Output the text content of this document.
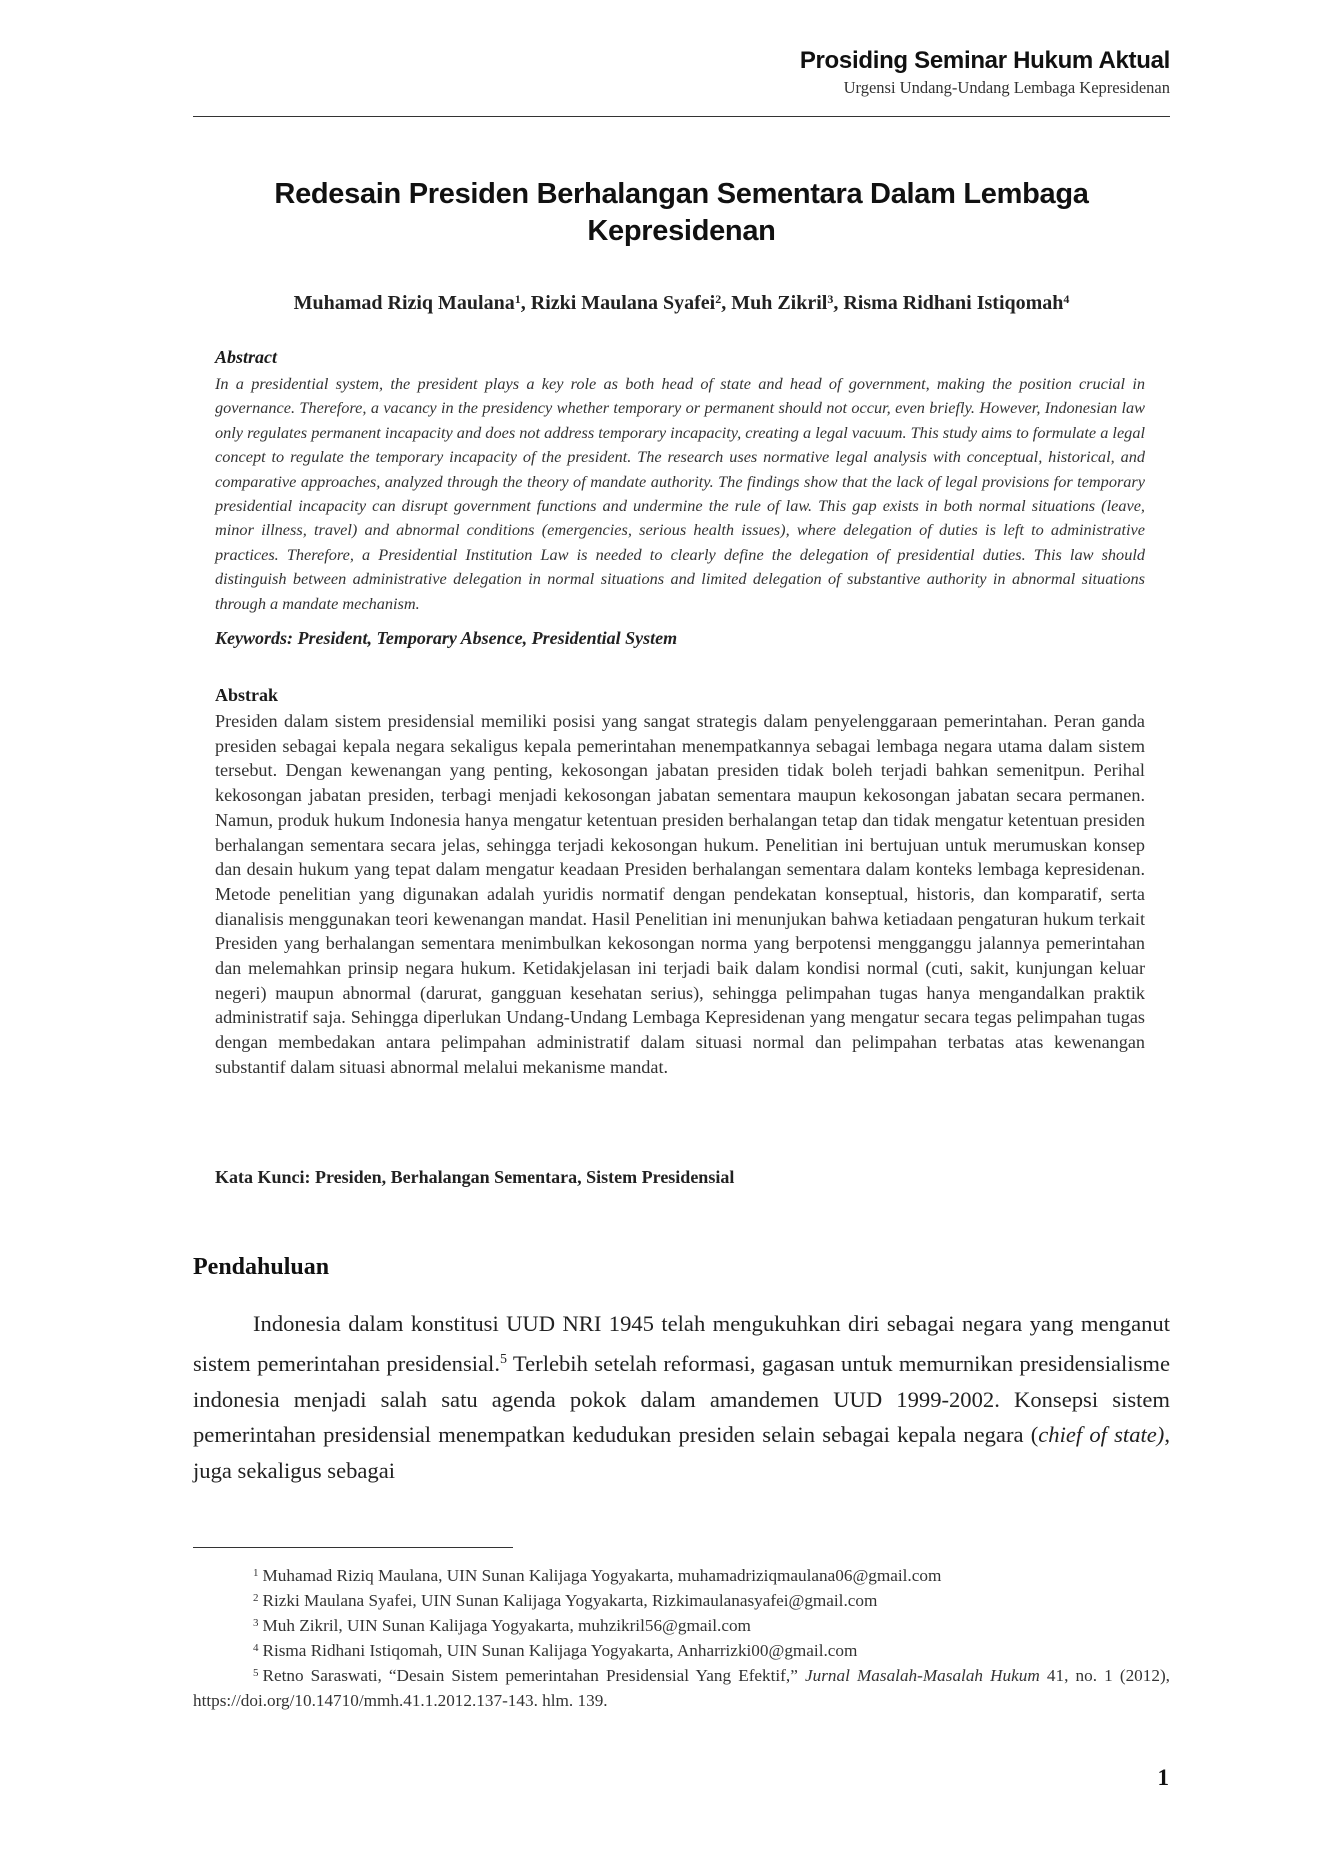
Prosiding Seminar Hukum Aktual
Urgensi Undang-Undang Lembaga Kepresidenan
Redesain Presiden Berhalangan Sementara Dalam Lembaga Kepresidenan
Muhamad Riziq Maulana$^1$, Rizki Maulana Syafei$^2$, Muh Zikril$^3$, Risma Ridhani Istiqomah$^4$
Abstract
In a presidential system, the president plays a key role as both head of state and head of government, making the position crucial in governance. Therefore, a vacancy in the presidency whether temporary or permanent should not occur, even briefly. However, Indonesian law only regulates permanent incapacity and does not address temporary incapacity, creating a legal vacuum. This study aims to formulate a legal concept to regulate the temporary incapacity of the president. The research uses normative legal analysis with conceptual, historical, and comparative approaches, analyzed through the theory of mandate authority. The findings show that the lack of legal provisions for temporary presidential incapacity can disrupt government functions and undermine the rule of law. This gap exists in both normal situations (leave, minor illness, travel) and abnormal conditions (emergencies, serious health issues), where delegation of duties is left to administrative practices. Therefore, a Presidential Institution Law is needed to clearly define the delegation of presidential duties. This law should distinguish between administrative delegation in normal situations and limited delegation of substantive authority in abnormal situations through a mandate mechanism.
Keywords: President, Temporary Absence, Presidential System
Abstrak
Presiden dalam sistem presidensial memiliki posisi yang sangat strategis dalam penyelenggaraan pemerintahan. Peran ganda presiden sebagai kepala negara sekaligus kepala pemerintahan menempatkannya sebagai lembaga negara utama dalam sistem tersebut. Dengan kewenangan yang penting, kekosongan jabatan presiden tidak boleh terjadi bahkan semenitpun. Perihal kekosongan jabatan presiden, terbagi menjadi kekosongan jabatan sementara maupun kekosongan jabatan secara permanen. Namun, produk hukum Indonesia hanya mengatur ketentuan presiden berhalangan tetap dan tidak mengatur ketentuan presiden berhalangan sementara secara jelas, sehingga terjadi kekosongan hukum. Penelitian ini bertujuan untuk merumuskan konsep dan desain hukum yang tepat dalam mengatur keadaan Presiden berhalangan sementara dalam konteks lembaga kepresidenan. Metode penelitian yang digunakan adalah yuridis normatif dengan pendekatan konseptual, historis, dan komparatif, serta dianalisis menggunakan teori kewenangan mandat. Hasil Penelitian ini menunjukan bahwa ketiadaan pengaturan hukum terkait Presiden yang berhalangan sementara menimbulkan kekosongan norma yang berpotensi mengganggu jalannya pemerintahan dan melemahkan prinsip negara hukum. Ketidakjelasan ini terjadi baik dalam kondisi normal (cuti, sakit, kunjungan keluar negeri) maupun abnormal (darurat, gangguan kesehatan serius), sehingga pelimpahan tugas hanya mengandalkan praktik administratif saja. Sehingga diperlukan Undang-Undang Lembaga Kepresidenan yang mengatur secara tegas pelimpahan tugas dengan membedakan antara pelimpahan administratif dalam situasi normal dan pelimpahan terbatas atas kewenangan substantif dalam situasi abnormal melalui mekanisme mandat.
Kata Kunci: Presiden, Berhalangan Sementara, Sistem Presidensial
Pendahuluan
Indonesia dalam konstitusi UUD NRI 1945 telah mengukuhkan diri sebagai negara yang menganut sistem pemerintahan presidensial.$^5$ Terlebih setelah reformasi, gagasan untuk memurnikan presidensialisme indonesia menjadi salah satu agenda pokok dalam amandemen UUD 1999-2002. Konsepsi sistem pemerintahan presidensial menempatkan kedudukan presiden selain sebagai kepala negara (chief of state), juga sekaligus sebagai
$^1$ Muhamad Riziq Maulana, UIN Sunan Kalijaga Yogyakarta, muhamadriziqmaulana06@gmail.com
$^2$ Rizki Maulana Syafei, UIN Sunan Kalijaga Yogyakarta, Rizkimaulanasyafei@gmail.com
$^3$ Muh Zikril, UIN Sunan Kalijaga Yogyakarta, muhzikril56@gmail.com
$^4$ Risma Ridhani Istiqomah, UIN Sunan Kalijaga Yogyakarta, Anharrizki00@gmail.com
$^5$ Retno Saraswati, “Desain Sistem pemerintahan Presidensial Yang Efektif,” Jurnal Masalah-Masalah Hukum 41, no. 1 (2012), https://doi.org/10.14710/mmh.41.1.2012.137-143. hlm. 139.
1
